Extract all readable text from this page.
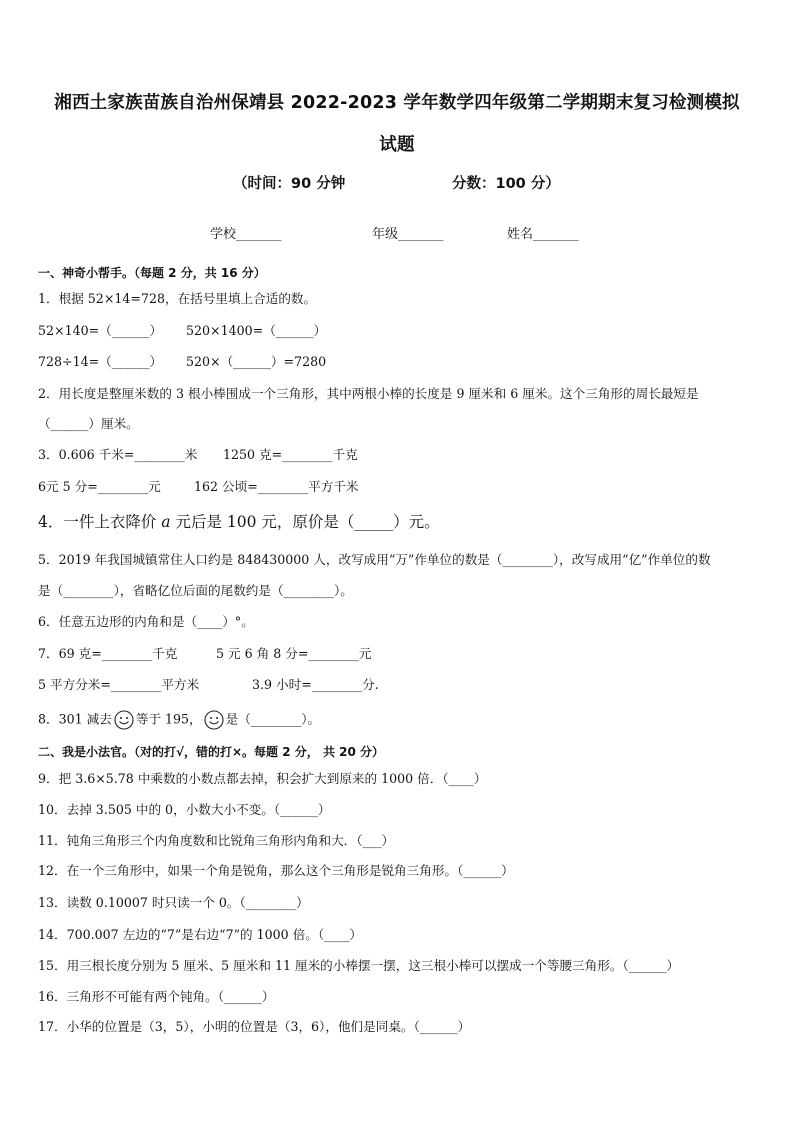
湘西土家族苗族自治州保靖县 2022-2023 学年数学四年级第二学期期末复习检测模拟
试题
（时间：90 分钟	分数：100 分）
学校_______	年级_______	姓名_______
一、神奇小帮手。（每题 2 分，共 16 分）
1．根据 52×14=728，在括号里填上合适的数。
52×140=（______） 520×1400=（______）
728÷14=（______） 520×（______）=7280
2．用长度是整厘米数的 3 根小棒围成一个三角形，其中两根小棒的长度是 9 厘米和 6 厘米。这个三角形的周长最短是
（______）厘米。
3．0.606 千米=________米 1250 克=________千克
6元 5 分=________元	162 公顷=________平方千米
4．一件上衣降价 𝑎 元后是 100 元，原价是（_____）元。
5．2019 年我国城镇常住人口约是 848430000 人，改写成用“万”作单位的数是（________），改写成用“亿”作单位的数
是（________），省略亿位后面的尾数约是（________）。
6．任意五边形的内角和是（____）°。
7．69 克=________千克	5 元 6 角 8 分=________元
5 平方分米=________平方米	3.9 小时=________分.
8．301 减去 等于 195， 是（________）。
二、我是小法官。（对的打√，错的打×。每题 2 分， 共 20 分）
9．把 3.6×5.78 中乘数的小数点都去掉，积会扩大到原来的 1000 倍．（____）
10．去掉 3.505 中的 0，小数大小不变。（______）
11．钝角三角形三个内角度数和比锐角三角形内角和大．（___）
12．在一个三角形中，如果一个角是锐角，那么这个三角形是锐角三角形。（______）
13．读数 0.10007 时只读一个 0。（________）
14．700.007 左边的“7”是右边“7”的 1000 倍。（____）
15．用三根长度分别为 5 厘米、5 厘米和 11 厘米的小棒摆一摆，这三根小棒可以摆成一个等腰三角形。（______）
16．三角形不可能有两个钝角。（______）
17．小华的位置是（3，5），小明的位置是（3，6），他们是同桌。（______）
